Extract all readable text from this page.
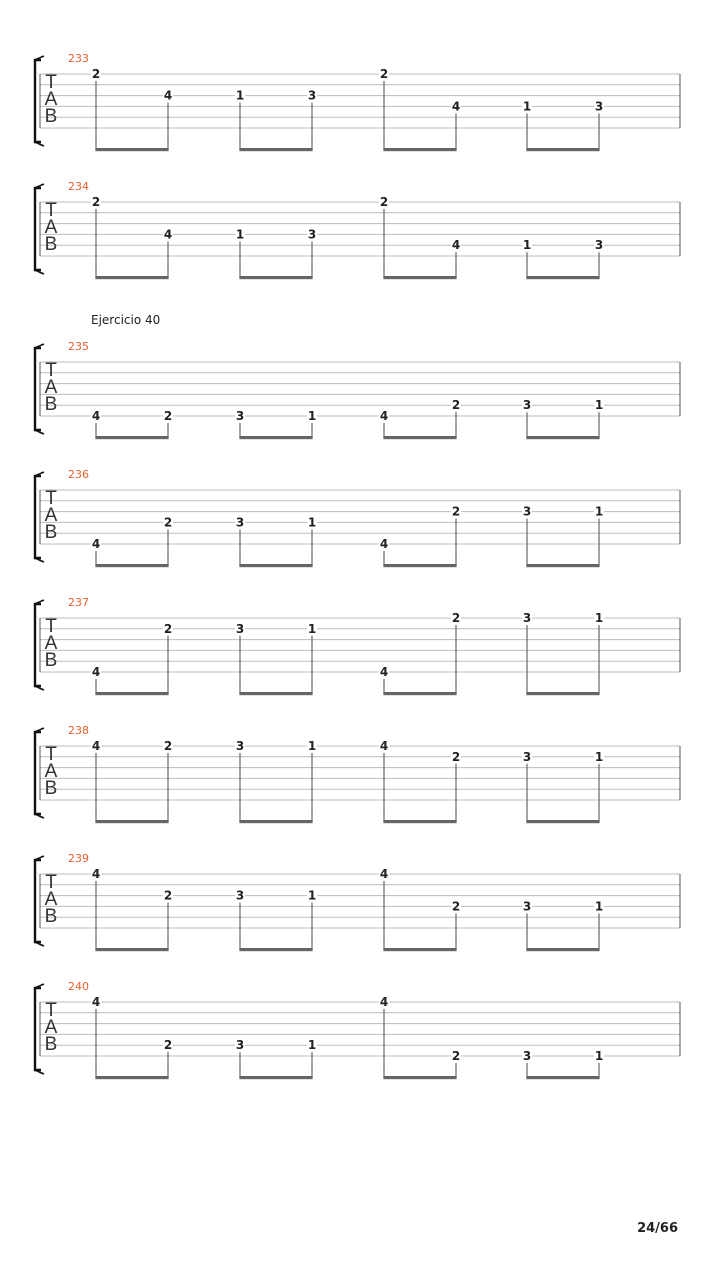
233
T
A
B
2
4	1	3
2
4	1	3
234
T
A
B
2
4	1	3
2
4	1	3
Ejercicio 40
235
T
A
B
4	2	3	1	4
2	3	1
236
T
A
B
4
2	3	1
4
2	3	1
237
T
A
B
4
2	3	1
4
2	3	1
238
T
A
B
4	2	3	1	4
2	3	1
239
T
A
B
4
2	3	1
4
2	3	1
240
T
A
B
4
2	3	1
4
2	3	1
24/66
